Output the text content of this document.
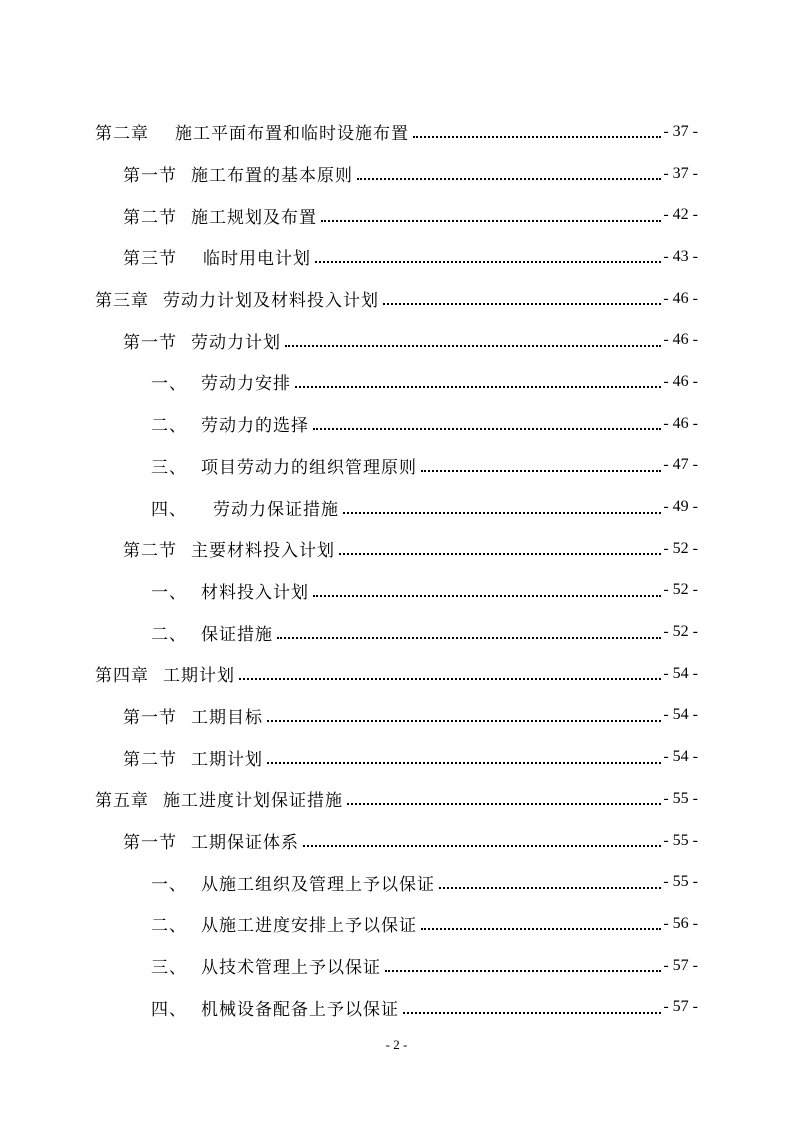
第二章 施工平面布置和临时设施布置	- 37 -
第一节 施工布置的基本原则	- 37 -
第二节 施工规划及布置	- 42 -
第三节 临时用电计划	- 43 -
第三章 劳动力计划及材料投入计划	- 46 -
第一节 劳动力计划	- 46 -
一、 劳动力安排	- 46 -
二、 劳动力的选择	- 46 -
三、 项目劳动力的组织管理原则	- 47 -
四、 劳动力保证措施	- 49 -
第二节 主要材料投入计划	- 52 -
一、 材料投入计划	- 52 -
二、 保证措施	- 52 -
第四章 工期计划	- 54 -
第一节 工期目标	- 54 -
第二节 工期计划	- 54 -
第五章 施工进度计划保证措施	- 55 -
第一节 工期保证体系	- 55 -
一、 从施工组织及管理上予以保证	- 55 -
二、 从施工进度安排上予以保证	- 56 -
三、 从技术管理上予以保证	- 57 -
四、 机械设备配备上予以保证	- 57 -
- 2 -
